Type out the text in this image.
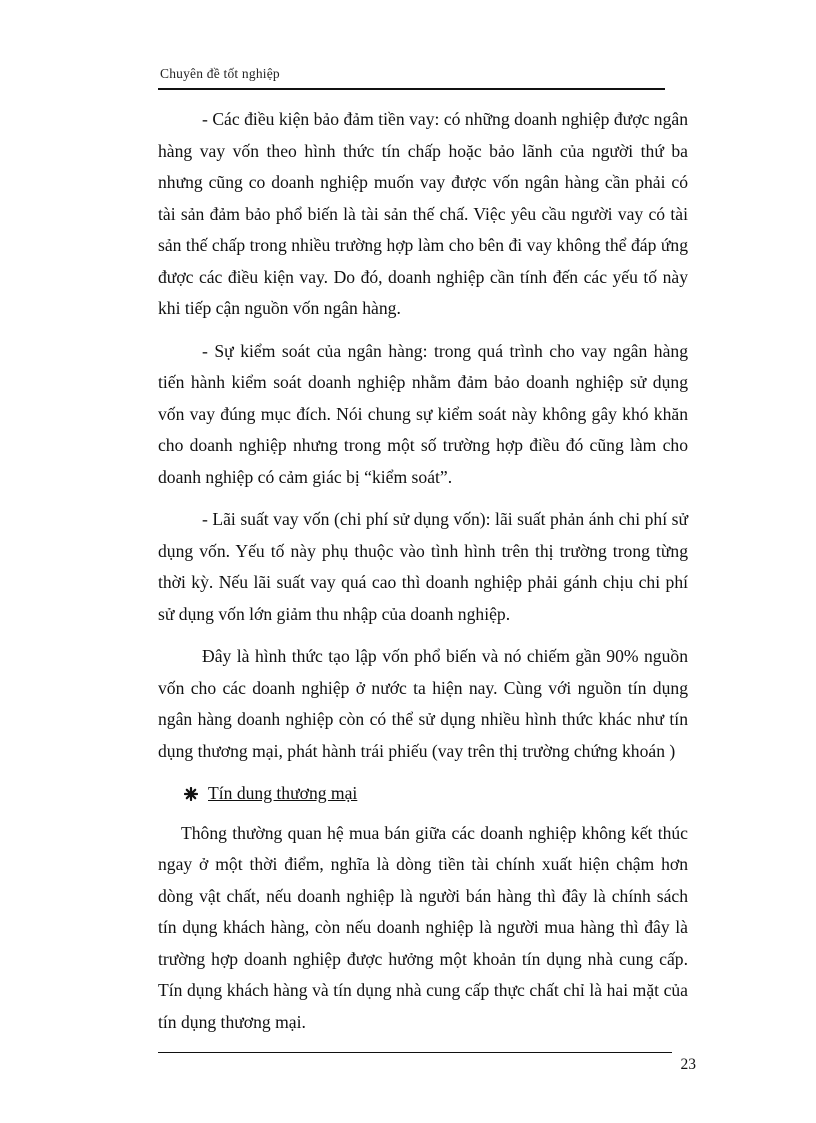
Chuyên đề tốt nghiệp

- Các điều kiện bảo đảm tiền vay: có những doanh nghiệp được ngân hàng vay vốn theo hình thức tín chấp hoặc bảo lãnh của người thứ ba nhưng cũng co doanh nghiệp muốn vay được vốn ngân hàng cần phải có tài sản đảm bảo phổ biến là tài sản thế chấ. Việc yêu cầu người vay có tài sản thế chấp trong nhiều trường hợp làm cho bên đi vay không thể đáp ứng được các điều kiện vay. Do đó, doanh nghiệp cần tính đến các yếu tố này khi tiếp cận nguồn vốn ngân hàng.

- Sự kiểm soát của ngân hàng: trong quá trình cho vay ngân hàng tiến hành kiểm soát doanh nghiệp nhằm đảm bảo doanh nghiệp sử dụng vốn vay đúng mục đích. Nói chung sự kiểm soát này không gây khó khăn cho doanh nghiệp nhưng trong một số trường hợp điều đó cũng làm cho doanh nghiệp có cảm giác bị “kiểm soát”.

- Lãi suất vay vốn (chi phí sử dụng vốn): lãi suất phản ánh chi phí sử dụng vốn. Yếu tố này phụ thuộc vào tình hình trên thị trường trong từng thời kỳ. Nếu lãi suất vay quá cao thì doanh nghiệp phải gánh chịu chi phí sử dụng vốn lớn giảm thu nhập của doanh nghiệp.

Đây là hình thức tạo lập vốn phổ biến và nó chiếm gần 90% nguồn vốn cho các doanh nghiệp ở nước ta hiện nay. Cùng với nguồn tín dụng ngân hàng doanh nghiệp còn có thể sử dụng nhiều hình thức khác như tín dụng thương mại, phát hành trái phiếu (vay trên thị trường chứng khoán )

Tín dung thương mại

Thông thường quan hệ mua bán giữa các doanh nghiệp không kết thúc ngay ở một thời điểm, nghĩa là dòng tiền tài chính xuất hiện chậm hơn dòng vật chất, nếu doanh nghiệp là người bán hàng thì đây là chính sách tín dụng khách hàng, còn nếu doanh nghiệp là người mua hàng thì đây là trường hợp doanh nghiệp được hưởng một khoản tín dụng nhà cung cấp. Tín dụng khách hàng và tín dụng nhà cung cấp thực chất chỉ là hai mặt của tín dụng thương mại.

23
